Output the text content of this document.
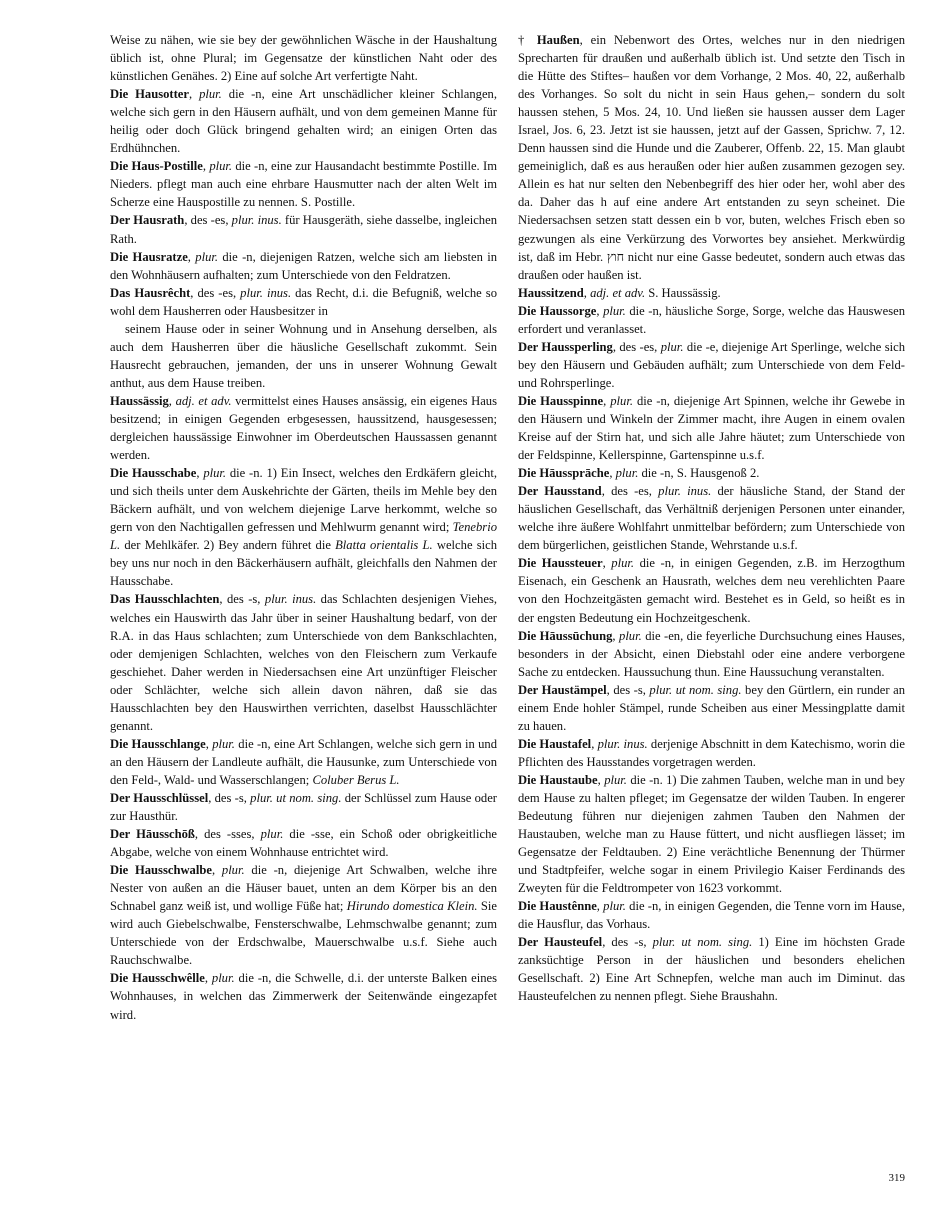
Weise zu nähen, wie sie bey der gewöhnlichen Wäsche in der Haushaltung üblich ist, ohne Plural; im Gegensatze der künstlichen Naht oder des künstlichen Genähes. 2) Eine auf solche Art verfertigte Naht.

Die Hausotter, plur. die -n, eine Art unschädlicher kleiner Schlangen, welche sich gern in den Häusern aufhält, und von dem gemeinen Manne für heilig oder doch Glück bringend gehalten wird; an einigen Orten das Erdhühnchen.

Die Haus-Postille, plur. die -n, eine zur Hausandacht bestimmte Postille. Im Nieders. pflegt man auch eine ehrbare Hausmutter nach der alten Welt im Scherze eine Hauspostille zu nennen. S. Postille.

Der Hausrath, des -es, plur. inus. für Hausgeräth, siehe dasselbe, ingleichen Rath.

Die Hausratze, plur. die -n, diejenigen Ratzen, welche sich am liebsten in den Wohnhäusern aufhalten; zum Unterschiede von den Feldratzen.

Das Hausrêcht, des -es, plur. inus. das Recht, d.i. die Befugniß, welche so wohl dem Hausherren oder Hausbesitzer in

seinem Hause oder in seiner Wohnung und in Ansehung derselben, als auch dem Hausherren über die häusliche Gesellschaft zukommt. Sein Hausrecht gebrauchen, jemanden, der uns in unserer Wohnung Gewalt anthut, aus dem Hause treiben.

Haussässig, adj. et adv. vermittelst eines Hauses ansässig, ein eigenes Haus besitzend; in einigen Gegenden erbgesessen, haussitzend, hausgesessen; dergleichen haussässige Einwohner im Oberdeutschen Haussassen genannt werden.

Die Hausschabe, plur. die -n. 1) Ein Insect, welches den Erdkäfern gleicht, und sich theils unter dem Auskehrichte der Gärten, theils im Mehle bey den Bäckern aufhält, und von welchem diejenige Larve herkommt, welche so gern von den Nachtigallen gefressen und Mehlwurm genannt wird; Tenebrio L. der Mehlkäfer. 2) Bey andern führet die Blatta orientalis L. welche sich bey uns nur noch in den Bäckerhäusern aufhält, gleichfalls den Nahmen der Hausschabe.

Das Hausschlachten, des -s, plur. inus. das Schlachten desjenigen Viehes, welches ein Hauswirth das Jahr über in seiner Haushaltung bedarf, von der R.A. in das Haus schlachten; zum Unterschiede von dem Bankschlachten, oder demjenigen Schlachten, welches von den Fleischern zum Verkaufe geschiehet. Daher werden in Niedersachsen eine Art unzünftiger Fleischer oder Schlächter, welche sich allein davon nähren, daß sie das Hausschlachten bey den Hauswirthen verrichten, daselbst Hausschlächter genannt.

Die Hausschlange, plur. die -n, eine Art Schlangen, welche sich gern in und an den Häusern der Landleute aufhält, die Hausunke, zum Unterschiede von den Feld-, Wald- und Wasserschlangen; Coluber Berus L.

Der Hausschlüssel, des -s, plur. ut nom. sing. der Schlüssel zum Hause oder zur Hausthür.

Der Hāusschōß, des -sses, plur. die -sse, ein Schoß oder obrigkeitliche Abgabe, welche von einem Wohnhause entrichtet wird.

Die Hausschwalbe, plur. die -n, diejenige Art Schwalben, welche ihre Nester von außen an die Häuser bauet, unten an dem Körper bis an den Schnabel ganz weiß ist, und wollige Füße hat; Hirundo domestica Klein. Sie wird auch Giebelschwalbe, Fensterschwalbe, Lehmschwalbe genannt; zum Unterschiede von der Erdschwalbe, Mauerschwalbe u.s.f. Siehe auch Rauchschwalbe.

Die Hausschwêlle, plur. die -n, die Schwelle, d.i. der unterste Balken eines Wohnhauses, in welchen das Zimmerwerk der Seitenwände eingezapfet wird.

† Haußen, ein Nebenwort des Ortes, welches nur in den niedrigen Sprecharten für draußen und außerhalb üblich ist. Und setzte den Tisch in die Hütte des Stiftes– haußen vor dem Vorhange, 2 Mos. 40, 22, außerhalb des Vorhanges. So solt du nicht in sein Haus gehen,– sondern du solt haussen stehen, 5 Mos. 24, 10. Und ließen sie haussen ausser dem Lager Israel, Jos. 6, 23. Jetzt ist sie haussen, jetzt auf der Gassen, Sprichw. 7, 12. Denn haussen sind die Hunde und die Zauberer, Offenb. 22, 15. Man glaubt gemeiniglich, daß es aus heraußen oder hier außen zusammen gezogen sey. Allein es hat nur selten den Nebenbegriff des hier oder her, wohl aber des da. Daher das h auf eine andere Art entstanden zu seyn scheinet. Die Niedersachsen setzen statt dessen ein b vor, buten, welches Frisch eben so gezwungen als eine Verkürzung des Vorwortes bey ansiehet. Merkwürdig ist, daß im Hebr. חוץ nicht nur eine Gasse bedeutet, sondern auch etwas das draußen oder haußen ist.

Haussitzend, adj. et adv. S. Haussässig.

Die Haussorge, plur. die -n, häusliche Sorge, Sorge, welche das Hauswesen erfordert und veranlasset.

Der Haussperling, des -es, plur. die -e, diejenige Art Sperlinge, welche sich bey den Häusern und Gebäuden aufhält; zum Unterschiede von dem Feld- und Rohrsperlinge.

Die Hausspinne, plur. die -n, diejenige Art Spinnen, welche ihr Gewebe in den Häusern und Winkeln der Zimmer macht, ihre Augen in einem ovalen Kreise auf der Stirn hat, und sich alle Jahre häutet; zum Unterschiede von der Feldspinne, Kellerspinne, Gartenspinne u.s.f.

Die Hāussprāche, plur. die -n, S. Hausgenoß 2.

Der Hausstand, des -es, plur. inus. der häusliche Stand, der Stand der häuslichen Gesellschaft, das Verhältniß derjenigen Personen unter einander, welche ihre äußere Wohlfahrt unmittelbar befördern; zum Unterschiede von dem bürgerlichen, geistlichen Stande, Wehrstande u.s.f.

Die Haussteuer, plur. die -n, in einigen Gegenden, z.B. im Herzogthum Eisenach, ein Geschenk an Hausrath, welches dem neu verehlichten Paare von den Hochzeitgästen gemacht wird. Bestehet es in Geld, so heißt es in der engsten Bedeutung ein Hochzeitgeschenk.

Die Hāussūchung, plur. die -en, die feyerliche Durchsuchung eines Hauses, besonders in der Absicht, einen Diebstahl oder eine andere verborgene Sache zu entdecken. Haussuchung thun. Eine Haussuchung veranstalten.

Der Haustämpel, des -s, plur. ut nom. sing. bey den Gürtlern, ein runder an einem Ende hohler Stämpel, runde Scheiben aus einer Messingplatte damit zu hauen.

Die Haustafel, plur. inus. derjenige Abschnitt in dem Katechismo, worin die Pflichten des Hausstandes vorgetragen werden.

Die Haustaube, plur. die -n. 1) Die zahmen Tauben, welche man in und bey dem Hause zu halten pfleget; im Gegensatze der wilden Tauben. In engerer Bedeutung führen nur diejenigen zahmen Tauben den Nahmen der Haustauben, welche man zu Hause füttert, und nicht ausfliegen lässet; im Gegensatze der Feldtauben. 2) Eine verächtliche Benennung der Thürmer und Stadtpfeifer, welche sogar in einem Privilegio Kaiser Ferdinands des Zweyten für die Feldtrompeter von 1623 vorkommt.

Die Haustênne, plur. die -n, in einigen Gegenden, die Tenne vorn im Hause, die Hausflur, das Vorhaus.

Der Hausteufel, des -s, plur. ut nom. sing. 1) Eine im höchsten Grade zanksüchtige Person in der häuslichen und besonders ehelichen Gesellschaft. 2) Eine Art Schnepfen, welche man auch im Diminut. das Hausteufelchen zu nennen pflegt. Siehe Braushahn.

319
